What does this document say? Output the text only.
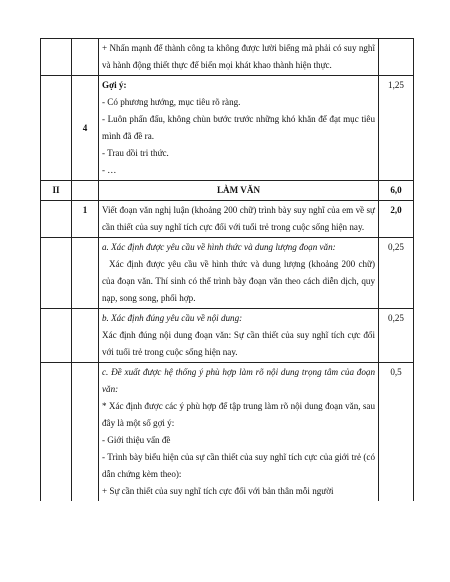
		+ Nhấn mạnh để thành công ta không được lười biếng mà phải có suy nghĩ và hành động thiết thực để biến mọi khát khao thành hiện thực.	
	4	Gợi ý:
- Có phương hướng, mục tiêu rõ ràng.
- Luôn phấn đấu, không chùn bước trước những khó khăn để đạt mục tiêu mình đã đề ra.
- Trau dồi tri thức.
- …	1,25
II		LÀM VĂN	6,0
	1	Viết đoạn văn nghị luận (khoảng 200 chữ) trình bày suy nghĩ của em về sự cần thiết của suy nghĩ tích cực đối với tuổi trẻ trong cuộc sống hiện nay.	2,0

		a. Xác định được yêu cầu về hình thức và dung lượng đoạn văn:
Xác định được yêu cầu về hình thức và dung lượng (khoảng 200 chữ) của đoạn văn. Thí sinh có thể trình bày đoạn văn theo cách diễn dịch, quy nạp, song song, phối hợp.	0,25

		b. Xác định đúng yêu cầu về nội dung:
Xác định đúng nội dung đoạn văn: Sự cần thiết của suy nghĩ tích cực đối với tuổi trẻ trong cuộc sống hiện nay.	0,25

		c. Đề xuất được hệ thống ý phù hợp làm rõ nội dung trọng tâm của đoạn văn:
* Xác định được các ý phù hợp để tập trung làm rõ nội dung đoạn văn, sau đây là một số gợi ý:
- Giới thiệu vấn đề
- Trình bày biểu hiện của sự cần thiết của suy nghĩ tích cực của giới trẻ (có dẫn chứng kèm theo):
+ Sự cần thiết của suy nghĩ tích cực đối với bản thân mỗi người	0,5
